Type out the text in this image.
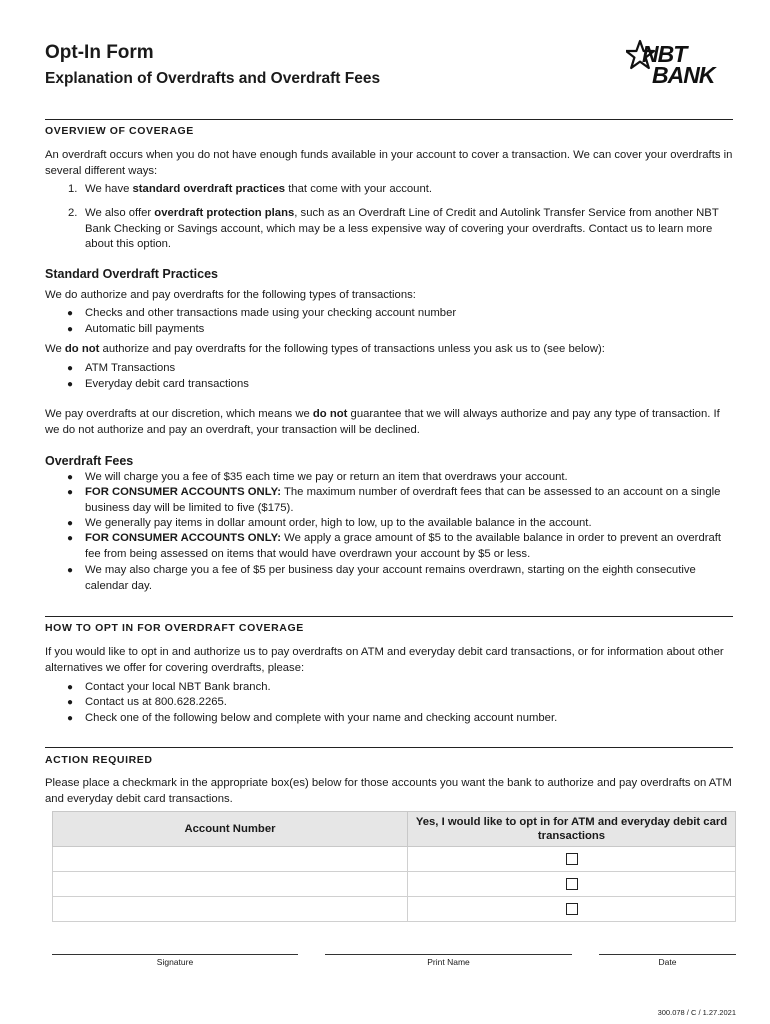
Opt-In Form
Explanation of Overdrafts and Overdraft Fees
NBT
BANK
OVERVIEW OF COVERAGE

An overdraft occurs when you do not have enough funds available in your account to cover a transaction. We can cover your overdrafts in several different ways:

1. We have standard overdraft practices that come with your account.
2. We also offer overdraft protection plans, such as an Overdraft Line of Credit and Autolink Transfer Service from another NBT Bank Checking or Savings account, which may be a less expensive way of covering your overdrafts. Contact us to learn more about this option.
Standard Overdraft Practices

We do authorize and pay overdrafts for the following types of transactions:

● Checks and other transactions made using your checking account number
● Automatic bill payments

We do not authorize and pay overdrafts for the following types of transactions unless you ask us to (see below):

● ATM Transactions
● Everyday debit card transactions

We pay overdrafts at our discretion, which means we do not guarantee that we will always authorize and pay any type of transaction. If we do not authorize and pay an overdraft, your transaction will be declined.

Overdraft Fees
● We will charge you a fee of $35 each time we pay or return an item that overdraws your account.
● FOR CONSUMER ACCOUNTS ONLY: The maximum number of overdraft fees that can be assessed to an account on a single business day will be limited to five ($175).
● We generally pay items in dollar amount order, high to low, up to the available balance in the account.
● FOR CONSUMER ACCOUNTS ONLY: We apply a grace amount of $5 to the available balance in order to prevent an overdraft fee from being assessed on items that would have overdrawn your account by $5 or less.
● We may also charge you a fee of $5 per business day your account remains overdrawn, starting on the eighth consecutive calendar day.
HOW TO OPT IN FOR OVERDRAFT COVERAGE

If you would like to opt in and authorize us to pay overdrafts on ATM and everyday debit card transactions, or for information about other alternatives we offer for covering overdrafts, please:

● Contact your local NBT Bank branch.
● Contact us at 800.628.2265.
● Check one of the following below and complete with your name and checking account number.
ACTION REQUIRED

Please place a checkmark in the appropriate box(es) below for those accounts you want the bank to authorize and pay overdrafts on ATM and everyday debit card transactions.

Account Number	Yes, I would like to opt in for ATM and everyday debit card transactions

Signature	Print Name	Date
300.078 / C / 1.27.2021
